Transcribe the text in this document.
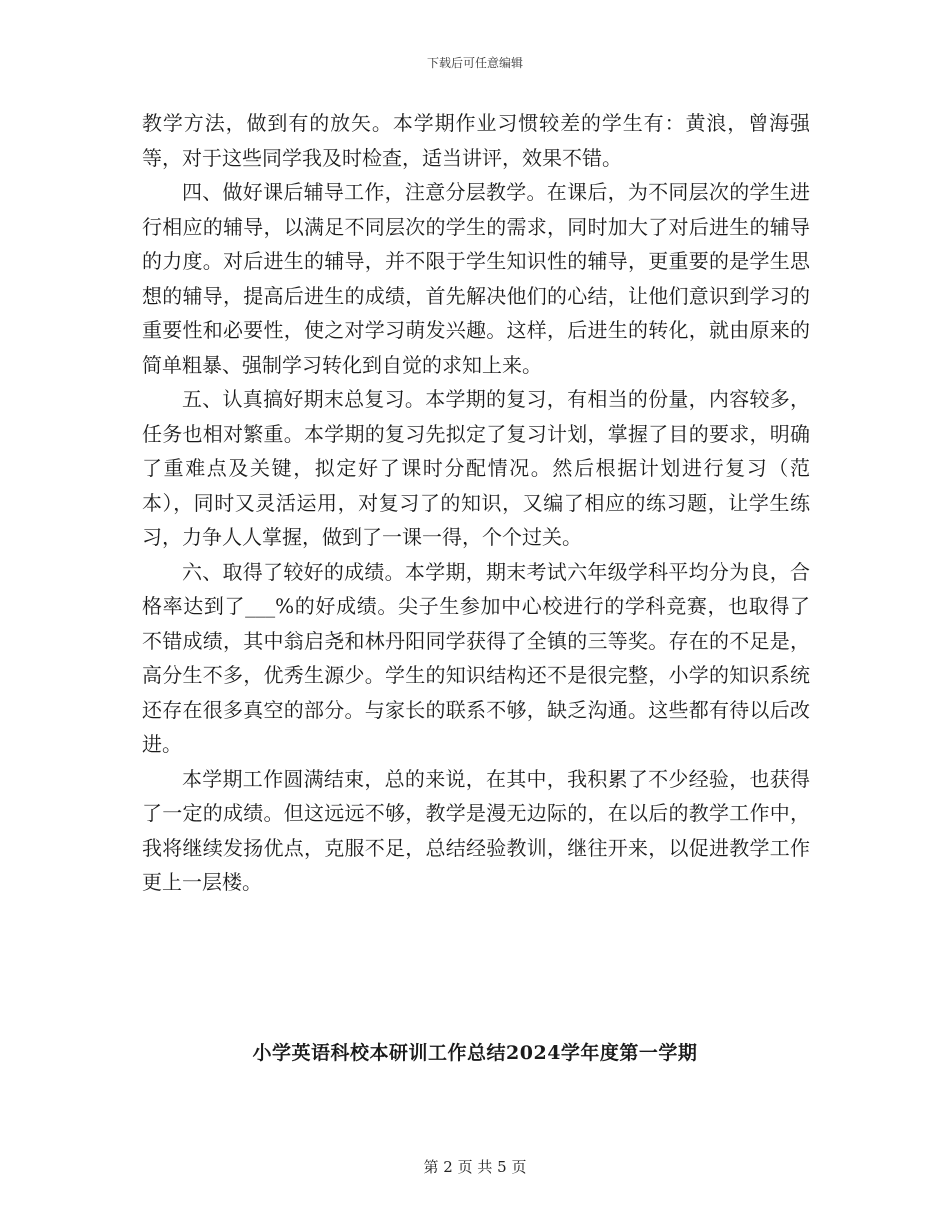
下载后可任意编辑

教学方法，做到有的放矢。本学期作业习惯较差的学生有：黄浪，曾海强等，对于这些同学我及时检查，适当讲评，效果不错。

四、做好课后辅导工作，注意分层教学。在课后，为不同层次的学生进行相应的辅导，以满足不同层次的学生的需求，同时加大了对后进生的辅导的力度。对后进生的辅导，并不限于学生知识性的辅导，更重要的是学生思想的辅导，提高后进生的成绩，首先解决他们的心结，让他们意识到学习的重要性和必要性，使之对学习萌发兴趣。这样，后进生的转化，就由原来的简单粗暴、强制学习转化到自觉的求知上来。

五、认真搞好期末总复习。本学期的复习，有相当的份量，内容较多，任务也相对繁重。本学期的复习先拟定了复习计划，掌握了目的要求，明确了重难点及关键，拟定好了课时分配情况。然后根据计划进行复习（范本），同时又灵活运用，对复习了的知识，又编了相应的练习题，让学生练习，力争人人掌握，做到了一课一得，个个过关。

六、取得了较好的成绩。本学期，期末考试六年级学科平均分为良，合格率达到了___%的好成绩。尖子生参加中心校进行的学科竞赛，也取得了不错成绩，其中翁启尧和林丹阳同学获得了全镇的三等奖。存在的不足是，高分生不多，优秀生源少。学生的知识结构还不是很完整，小学的知识系统还存在很多真空的部分。与家长的联系不够，缺乏沟通。这些都有待以后改进。

本学期工作圆满结束，总的来说，在其中，我积累了不少经验，也获得了一定的成绩。但这远远不够，教学是漫无边际的，在以后的教学工作中，我将继续发扬优点，克服不足，总结经验教训，继往开来，以促进教学工作更上一层楼。

小学英语科校本研训工作总结2024学年度第一学期
第 2 页 共 5 页
